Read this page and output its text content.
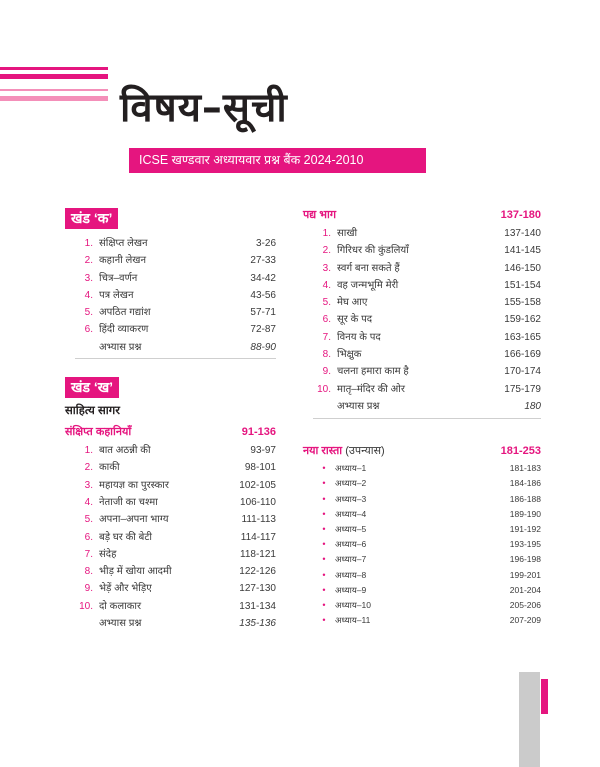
विषय–सूची
ICSE खण्डवार अध्यायवार प्रश्न बैंक 2024-2010
खंड ‘क’
1. संक्षिप्त लेखन	3-26
2. कहानी लेखन	27-33
3. चित्र–वर्णन	34-42
4. पत्र लेखन	43-56
5. अपठित गद्यांश	57-71
6. हिंदी व्याकरण	72-87
अभ्यास प्रश्न	88-90
खंड ‘ख’
साहित्य सागर
संक्षिप्त कहानियाँ	91-136
1. बात अठन्नी की	93-97
2. काकी	98-101
3. महायज्ञ का पुरस्कार	102-105
4. नेताजी का चश्मा	106-110
5. अपना–अपना भाग्य	111-113
6. बड़े घर की बेटी	114-117
7. संदेह	118-121
8. भीड़ में खोया आदमी	122-126
9. भेड़ें और भेड़िए	127-130
10. दो कलाकार	131-134
अभ्यास प्रश्न	135-136
पद्य भाग	137-180
1. साखी	137-140
2. गिरिधर की कुंडलियाँ	141-145
3. स्वर्ग बना सकते हैं	146-150
4. वह जन्मभूमि मेरी	151-154
5. मेघ आए	155-158
6. सूर के पद	159-162
7. विनय के पद	163-165
8. भिक्षुक	166-169
9. चलना हमारा काम है	170-174
10. मातृ–मंदिर की ओर	175-179
अभ्यास प्रश्न	180
नया रास्ता (उपन्यास)	181-253
•	अध्याय–1	181-183
•	अध्याय–2	184-186
•	अध्याय–3	186-188
•	अध्याय–4	189-190
•	अध्याय–5	191-192
•	अध्याय–6	193-195
•	अध्याय–7	196-198
•	अध्याय–8	199-201
•	अध्याय–9	201-204
•	अध्याय–10	205-206
•	अध्याय–11	207-209
